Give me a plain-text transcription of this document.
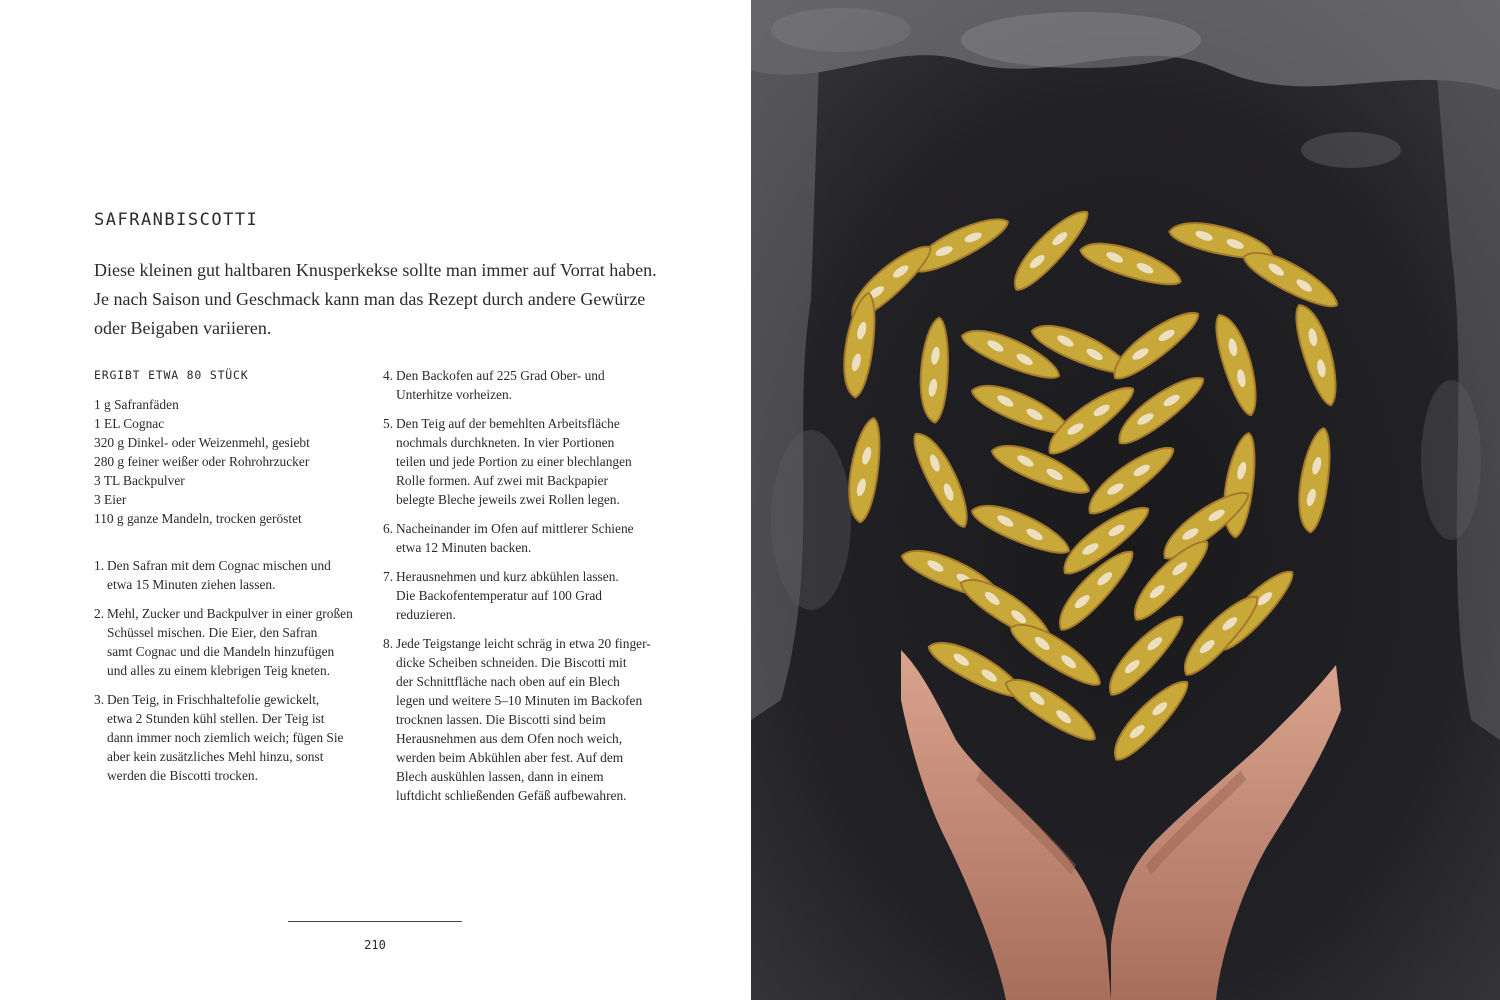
SAFRANBISCOTTI

Diese kleinen gut haltbaren Knusperkekse sollte man immer auf Vorrat haben. Je nach Saison und Geschmack kann man das Rezept durch andere Gewürze oder Beigaben variieren.

ERGIBT ETWA 80 STÜCK

1 g Safranfäden
1 EL Cognac
320 g Dinkel- oder Weizenmehl, gesiebt
280 g feiner weißer oder Rohrohrzucker
3 TL Backpulver
3 Eier
110 g ganze Mandeln, trocken geröstet
1. Den Safran mit dem Cognac mischen und
etwa 15 Minuten ziehen lassen.
2. Mehl, Zucker und Backpulver in einer großen
Schüssel mischen. Die Eier, den Safran
samt Cognac und die Mandeln hinzufügen
und alles zu einem klebrigen Teig kneten.
3. Den Teig, in Frischhaltefolie gewickelt,
etwa 2 Stunden kühl stellen. Der Teig ist
dann immer noch ziemlich weich; fügen Sie
aber kein zusätzliches Mehl hinzu, sonst
werden die Biscotti trocken.
4. Den Backofen auf 225 Grad Ober- und
Unterhitze vorheizen.
5. Den Teig auf der bemehlten Arbeitsfläche
nochmals durchkneten. In vier Portionen
teilen und jede Portion zu einer blechlangen
Rolle formen. Auf zwei mit Backpapier
belegte Bleche jeweils zwei Rollen legen.
6. Nacheinander im Ofen auf mittlerer Schiene
etwa 12 Minuten backen.
7. Herausnehmen und kurz abkühlen lassen.
Die Backofentemperatur auf 100 Grad
reduzieren.
8. Jede Teigstange leicht schräg in etwa 20 finger-
dicke Scheiben schneiden. Die Biscotti mit
der Schnittfläche nach oben auf ein Blech
legen und weitere 5–10 Minuten im Backofen
trocknen lassen. Die Biscotti sind beim
Herausnehmen aus dem Ofen noch weich,
werden beim Abkühlen aber fest. Auf dem
Blech auskühlen lassen, dann in einem
luftdicht schließenden Gefäß aufbewahren.
210
